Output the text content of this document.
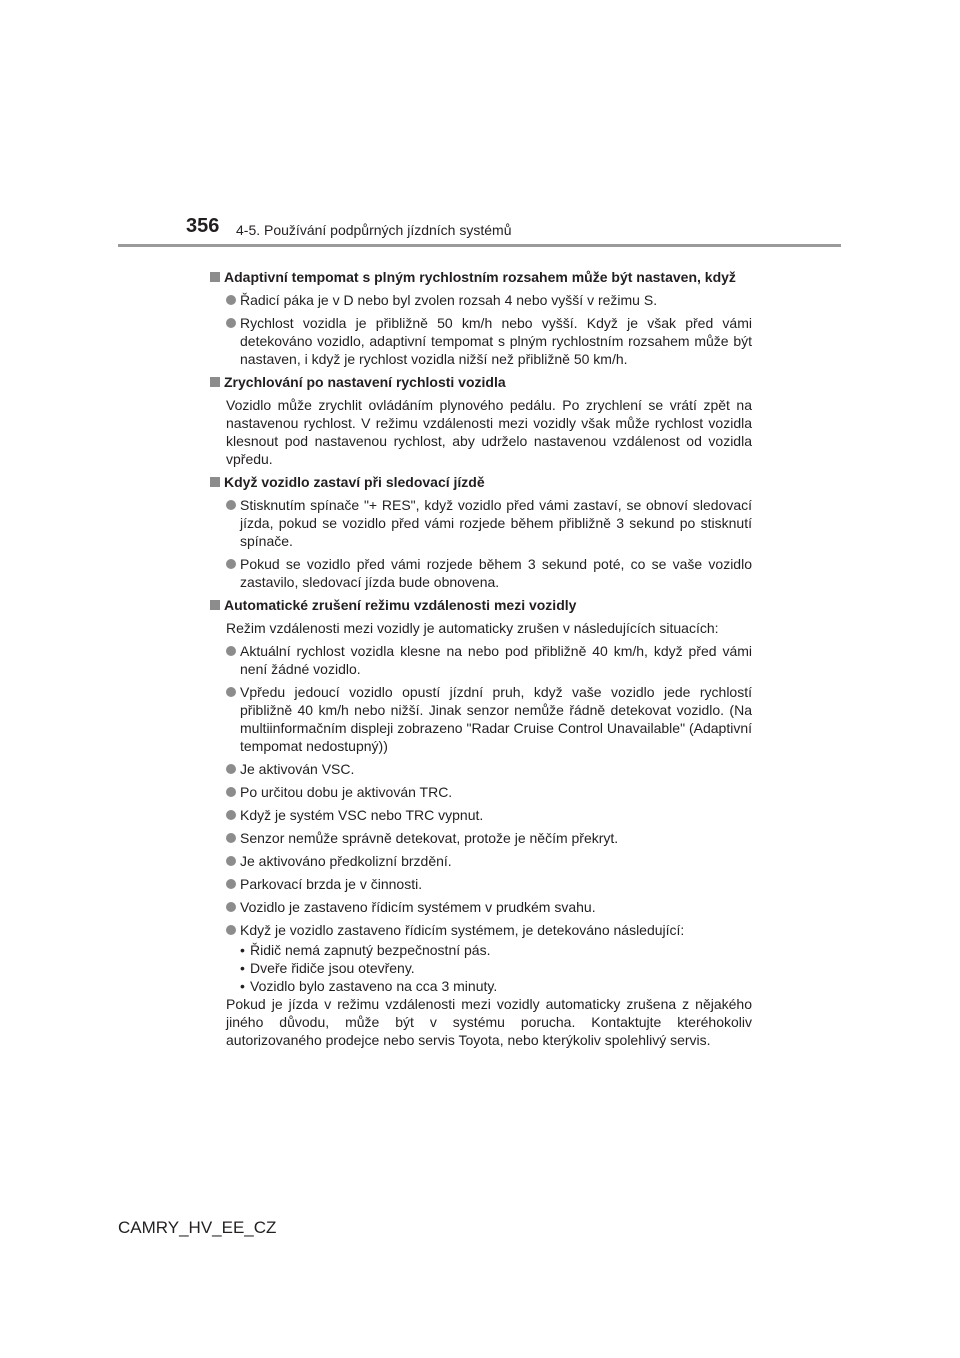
356 4-5. Používání podpůrných jízdních systémů
Adaptivní tempomat s plným rychlostním rozsahem může být nastaven, když
Řadicí páka je v D nebo byl zvolen rozsah 4 nebo vyšší v režimu S.
Rychlost vozidla je přibližně 50 km/h nebo vyšší. Když je však před vámi detekováno vozidlo, adaptivní tempomat s plným rychlostním rozsahem může být nastaven, i když je rychlost vozidla nižší než přibližně 50 km/h.
Zrychlování po nastavení rychlosti vozidla
Vozidlo může zrychlit ovládáním plynového pedálu. Po zrychlení se vrátí zpět na nastavenou rychlost. V režimu vzdálenosti mezi vozidly však může rychlost vozidla klesnout pod nastavenou rychlost, aby udrželo nastavenou vzdálenost od vozidla vpředu.
Když vozidlo zastaví při sledovací jízdě
Stisknutím spínače "+ RES", když vozidlo před vámi zastaví, se obnoví sledovací jízda, pokud se vozidlo před vámi rozjede během přibližně 3 sekund po stisknutí spínače.
Pokud se vozidlo před vámi rozjede během 3 sekund poté, co se vaše vozidlo zastavilo, sledovací jízda bude obnovena.
Automatické zrušení režimu vzdálenosti mezi vozidly
Režim vzdálenosti mezi vozidly je automaticky zrušen v následujících situacích:
Aktuální rychlost vozidla klesne na nebo pod přibližně 40 km/h, když před vámi není žádné vozidlo.
Vpředu jedoucí vozidlo opustí jízdní pruh, když vaše vozidlo jede rychlostí přibližně 40 km/h nebo nižší. Jinak senzor nemůže řádně detekovat vozidlo. (Na multiinformačním displeji zobrazeno "Radar Cruise Control Unavailable" (Adaptivní tempomat nedostupný))
Je aktivován VSC.
Po určitou dobu je aktivován TRC.
Když je systém VSC nebo TRC vypnut.
Senzor nemůže správně detekovat, protože je něčím překryt.
Je aktivováno předkolizní brzdění.
Parkovací brzda je v činnosti.
Vozidlo je zastaveno řídicím systémem v prudkém svahu.
Když je vozidlo zastaveno řídicím systémem, je detekováno následující:
• Řidič nemá zapnutý bezpečnostní pás.
• Dveře řidiče jsou otevřeny.
• Vozidlo bylo zastaveno na cca 3 minuty.
Pokud je jízda v režimu vzdálenosti mezi vozidly automaticky zrušena z nějakého jiného důvodu, může být v systému porucha. Kontaktujte kteréhokoliv autorizovaného prodejce nebo servis Toyota, nebo kterýkoliv spolehlivý servis.
CAMRY_HV_EE_CZ
